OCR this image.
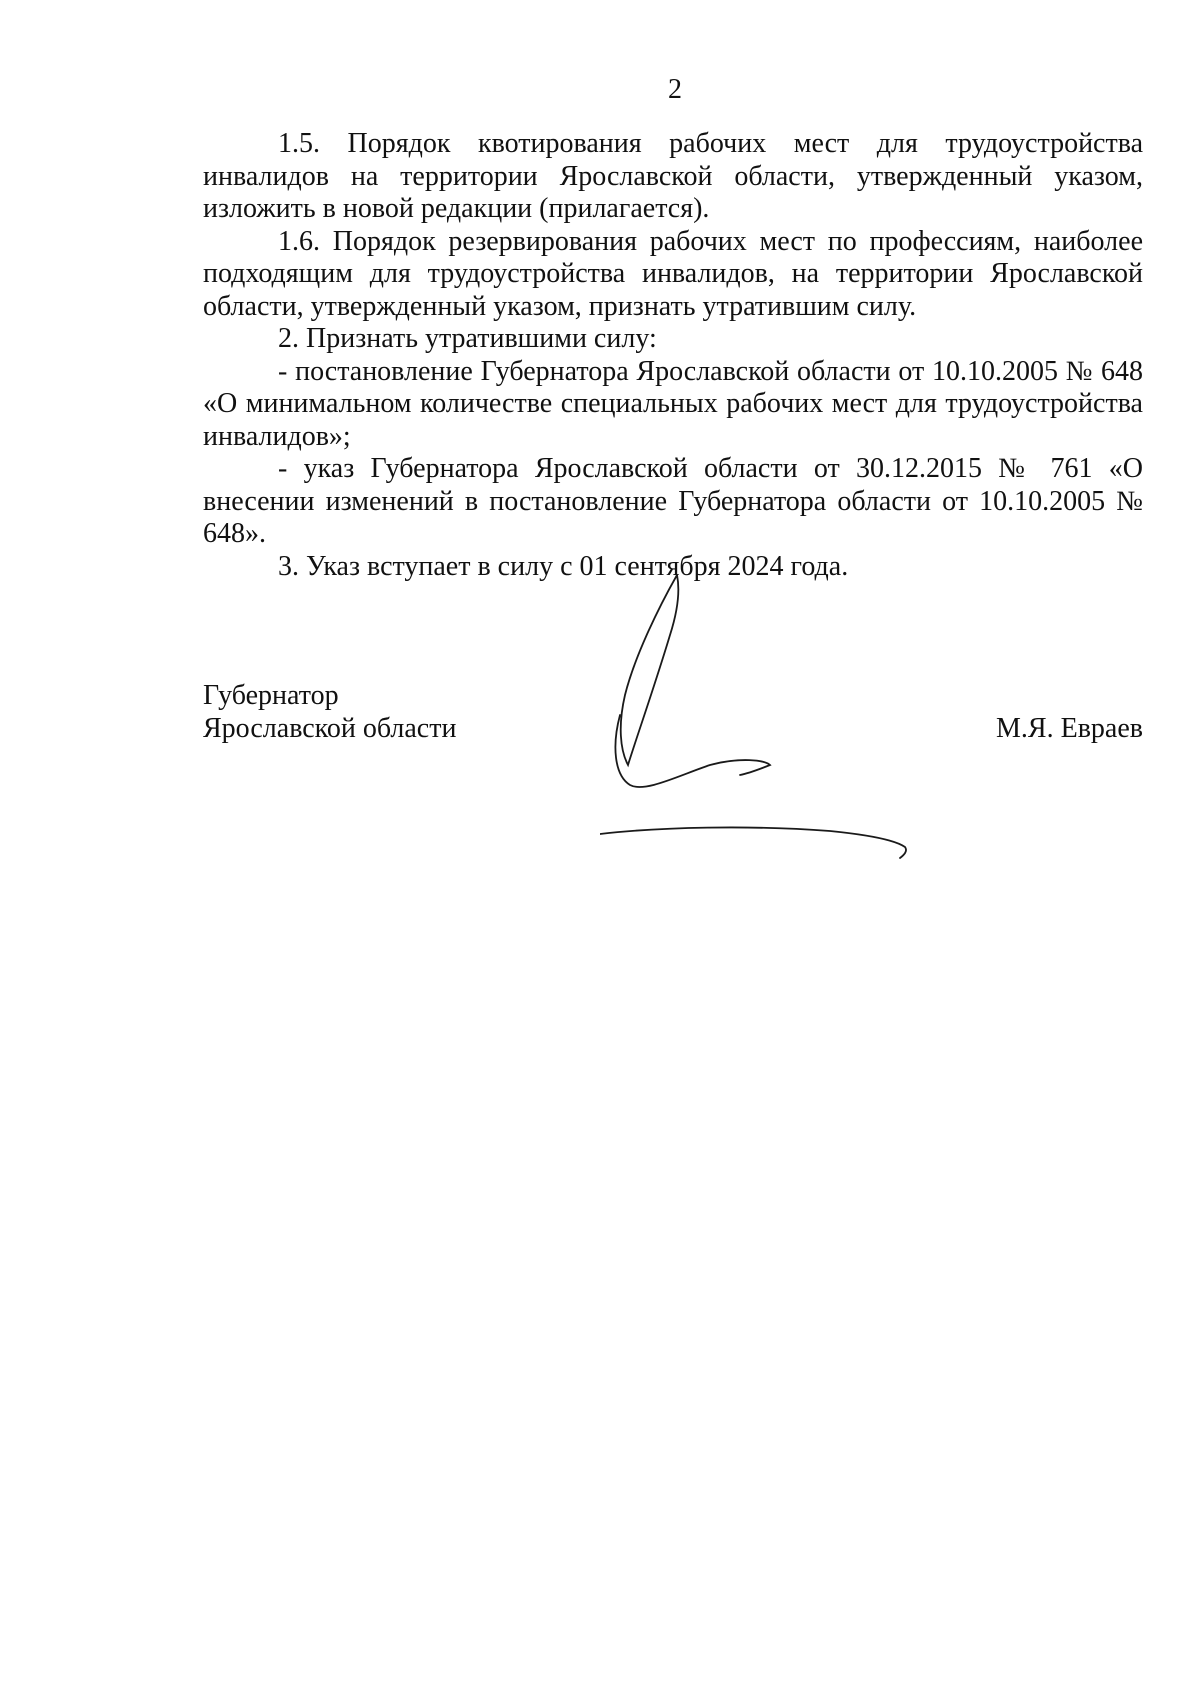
2

1.5. Порядок квотирования рабочих мест для трудоустройства инвалидов на территории Ярославской области, утвержденный указом, изложить в новой редакции (прилагается).

1.6. Порядок резервирования рабочих мест по профессиям, наиболее подходящим для трудоустройства инвалидов, на территории Ярославской области, утвержденный указом, признать утратившим силу.

2. Признать утратившими силу:

- постановление Губернатора Ярославской области от 10.10.2005 № 648 «О минимальном количестве специальных рабочих мест для трудоустройства инвалидов»;

- указ Губернатора Ярославской области от 30.12.2015 № 761 «О внесении изменений в постановление Губернатора области от 10.10.2005 № 648».

3. Указ вступает в силу с 01 сентября 2024 года.

Губернатор
Ярославской области	М.Я. Евраев
